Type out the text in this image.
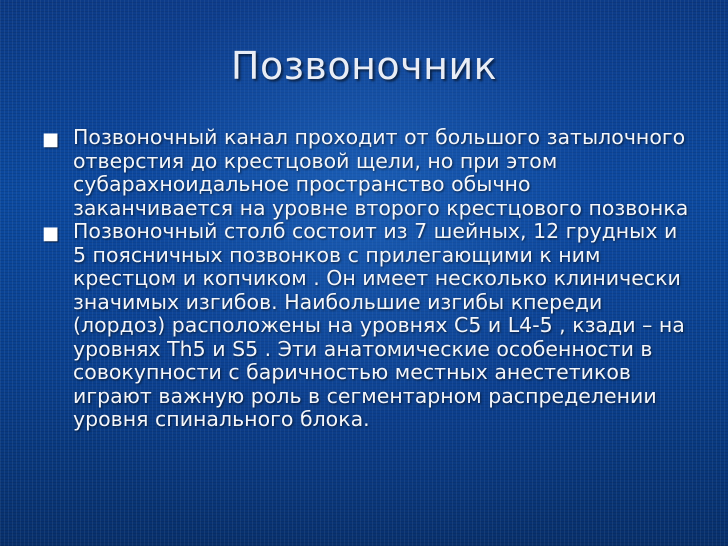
Позвоночник
■ Позвоночный канал проходит от большого затылочного отверстия до крестцовой щели, но при этом субарахноидальное пространство обычно заканчивается на уровне второго крестцового позвонка
■ Позвоночный столб состоит из 7 шейных, 12 грудных и 5 поясничных позвонков с прилегающими к ним крестцом и копчиком . Он имеет несколько клинически значимых изгибов. Наибольшие изгибы кпереди (лордоз) расположены на уровнях C5 и L4-5 , кзади – на уровнях Th5 и S5 . Эти анатомические особенности в совокупности с баричностью местных анестетиков играют важную роль в сегментарном распределении уровня спинального блока.
